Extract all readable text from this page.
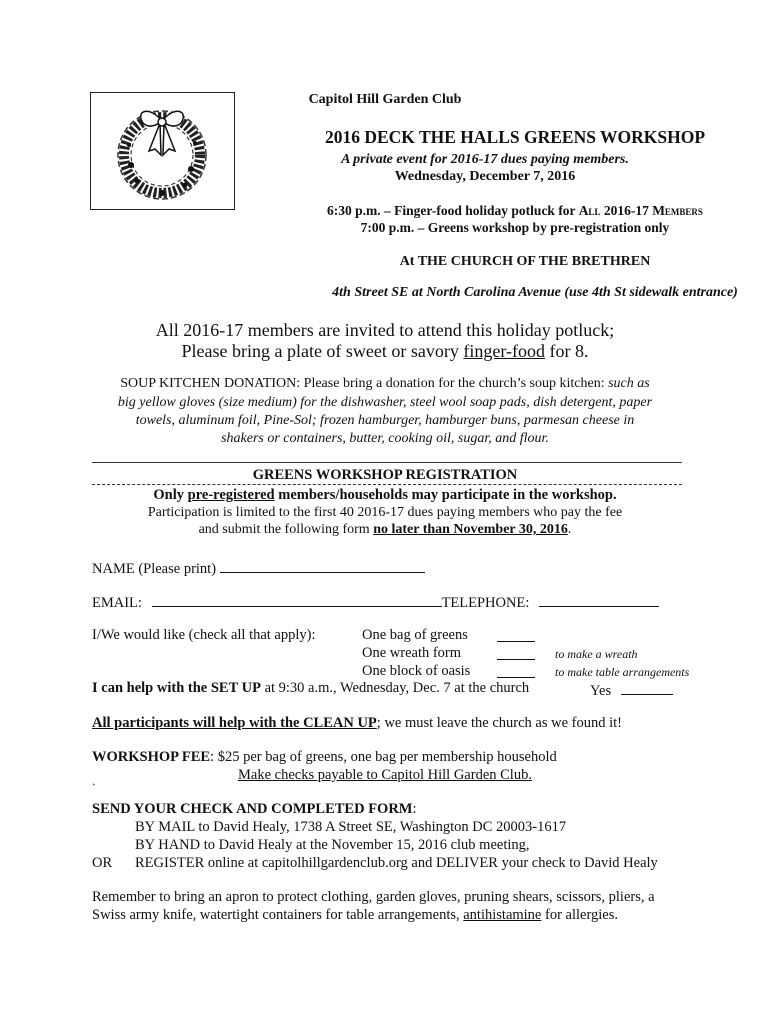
Capitol Hill Garden Club
2016 DECK THE HALLS GREENS WORKSHOP
A private event for 2016-17 dues paying members.
Wednesday, December 7, 2016
6:30 p.m. – Finger-food holiday potluck for All 2016-17 Members
7:00 p.m. – Greens workshop by pre-registration only
At THE CHURCH OF THE BRETHREN
4th Street SE at North Carolina Avenue (use 4th St sidewalk entrance)
All 2016-17 members are invited to attend this holiday potluck;
Please bring a plate of sweet or savory finger-food for 8.
SOUP KITCHEN DONATION: Please bring a donation for the church’s soup kitchen: such as
big yellow gloves (size medium) for the dishwasher, steel wool soap pads, dish detergent, paper
towels, aluminum foil, Pine-Sol; frozen hamburger, hamburger buns, parmesan cheese in
shakers or containers, butter, cooking oil, sugar, and flour.
GREENS WORKSHOP REGISTRATION
Only pre-registered members/households may participate in the workshop.
Participation is limited to the first 40 2016-17 dues paying members who pay the fee
and submit the following form no later than November 30, 2016.
NAME (Please print)
EMAIL:	TELEPHONE:
I/We would like (check all that apply):	One bag of greens
One wreath form	to make a wreath
One block of oasis	to make table arrangements
I can help with the SET UP at 9:30 a.m., Wednesday, Dec. 7 at the church	Yes
All participants will help with the CLEAN UP; we must leave the church as we found it!
WORKSHOP FEE: $25 per bag of greens, one bag per membership household
Make checks payable to Capitol Hill Garden Club.
`
SEND YOUR CHECK AND COMPLETED FORM:
BY MAIL to David Healy, 1738 A Street SE, Washington DC 20003-1617
BY HAND to David Healy at the November 15, 2016 club meeting,
OR REGISTER online at capitolhillgardenclub.org and DELIVER your check to David Healy
Remember to bring an apron to protect clothing, garden gloves, pruning shears, scissors, pliers, a
Swiss army knife, watertight containers for table arrangements, antihistamine for allergies.
